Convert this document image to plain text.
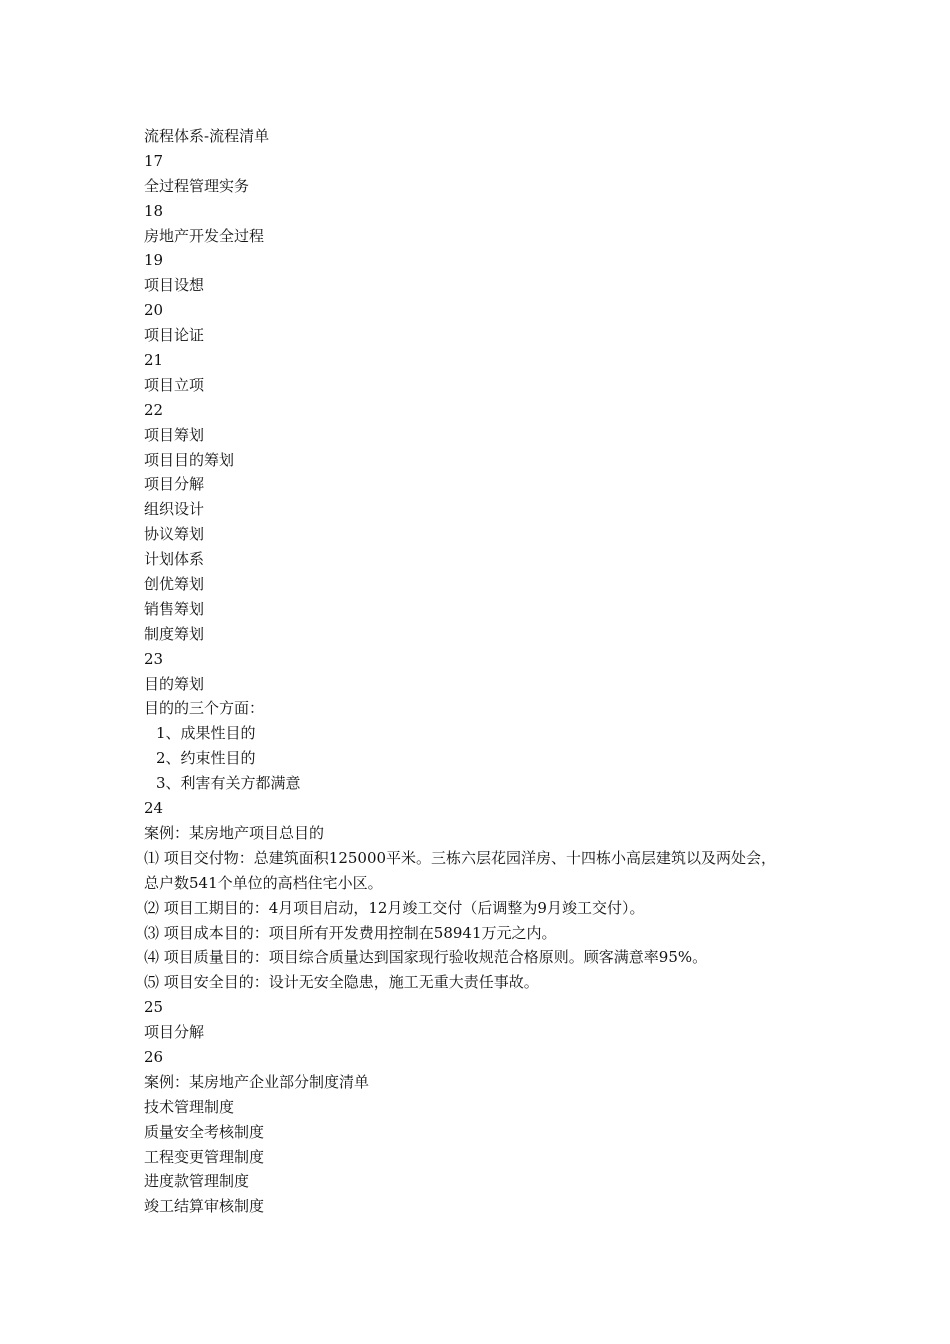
流程体系-流程清单
17
全过程管理实务
18
房地产开发全过程
19
项目设想
20
项目论证
21
项目立项
22
项目筹划
项目目的筹划
项目分解
组织设计
协议筹划
计划体系
创优筹划
销售筹划
制度筹划
23
目的筹划
目的的三个方面：
1、成果性目的
2、约束性目的
3、利害有关方都满意
24
案例：某房地产项目总目的
⑴ 项目交付物：总建筑面积125000平米。三栋六层花园洋房、十四栋小高层建筑以及两处会，
总户数541个单位的高档住宅小区。
⑵ 项目工期目的：4月项目启动，12月竣工交付（后调整为9月竣工交付）。
⑶ 项目成本目的：项目所有开发费用控制在58941万元之内。
⑷ 项目质量目的：项目综合质量达到国家现行验收规范合格原则。顾客满意率95%。
⑸ 项目安全目的：设计无安全隐患，施工无重大责任事故。
25
项目分解
26
案例：某房地产企业部分制度清单
技术管理制度
质量安全考核制度
工程变更管理制度
进度款管理制度
竣工结算审核制度
